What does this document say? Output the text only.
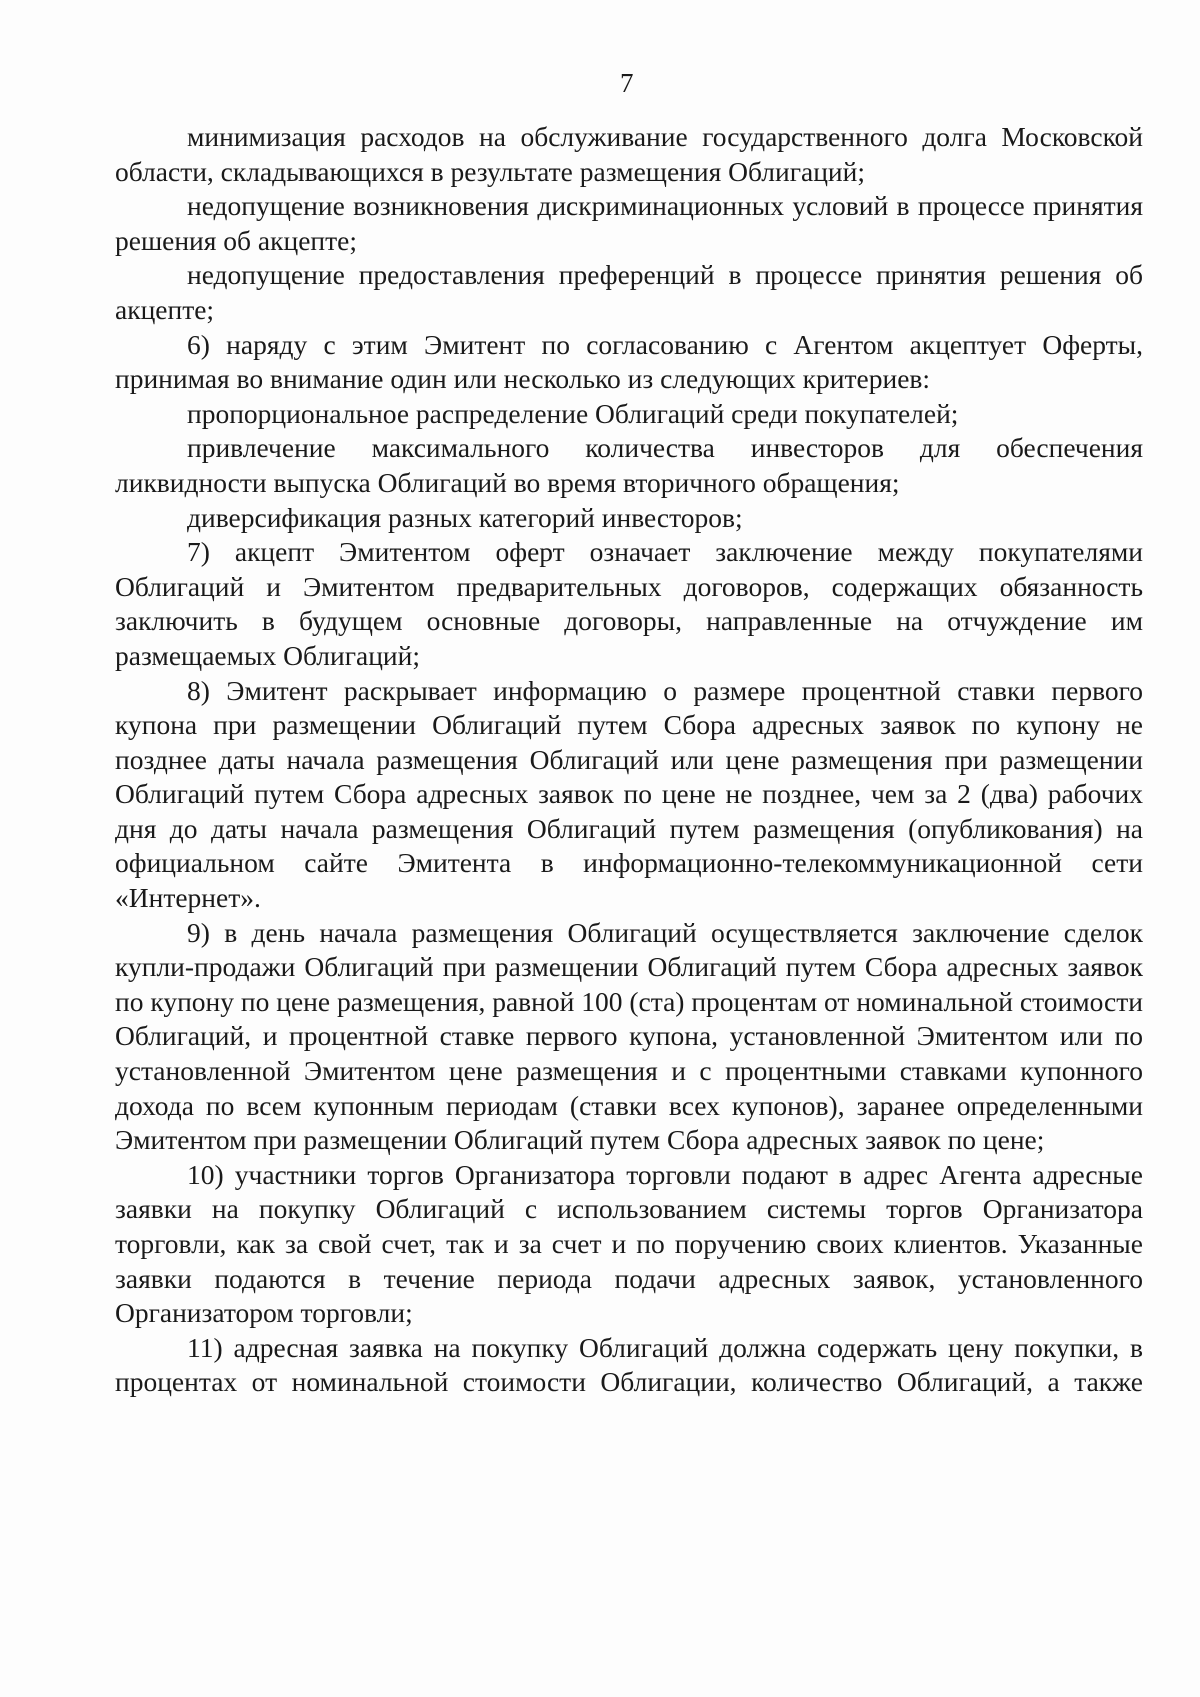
7

минимизация расходов на обслуживание государственного долга Московской области, складывающихся в результате размещения Облигаций;

недопущение возникновения дискриминационных условий в процессе принятия решения об акцепте;

недопущение предоставления преференций в процессе принятия решения об акцепте;

6) наряду с этим Эмитент по согласованию с Агентом акцептует Оферты, принимая во внимание один или несколько из следующих критериев:

пропорциональное распределение Облигаций среди покупателей;

привлечение максимального количества инвесторов для обеспечения ликвидности выпуска Облигаций во время вторичного обращения;

диверсификация разных категорий инвесторов;

7) акцепт Эмитентом оферт означает заключение между покупателями Облигаций и Эмитентом предварительных договоров, содержащих обязанность заключить в будущем основные договоры, направленные на отчуждение им размещаемых Облигаций;

8) Эмитент раскрывает информацию о размере процентной ставки первого купона при размещении Облигаций путем Сбора адресных заявок по купону не позднее даты начала размещения Облигаций или цене размещения при размещении Облигаций путем Сбора адресных заявок по цене не позднее, чем за 2 (два) рабочих дня до даты начала размещения Облигаций путем размещения (опубликования) на официальном сайте Эмитента в информационно-телекоммуникационной сети «Интернет».

9) в день начала размещения Облигаций осуществляется заключение сделок купли-продажи Облигаций при размещении Облигаций путем Сбора адресных заявок по купону по цене размещения, равной 100 (ста) процентам от номинальной стоимости Облигаций, и процентной ставке первого купона, установленной Эмитентом или по установленной Эмитентом цене размещения и с процентными ставками купонного дохода по всем купонным периодам (ставки всех купонов), заранее определенными Эмитентом при размещении Облигаций путем Сбора адресных заявок по цене;

10) участники торгов Организатора торговли подают в адрес Агента адресные заявки на покупку Облигаций с использованием системы торгов Организатора торговли, как за свой счет, так и за счет и по поручению своих клиентов. Указанные заявки подаются в течение периода подачи адресных заявок, установленного Организатором торговли;

11) адресная заявка на покупку Облигаций должна содержать цену покупки, в процентах от номинальной стоимости Облигации, количество Облигаций, а также
